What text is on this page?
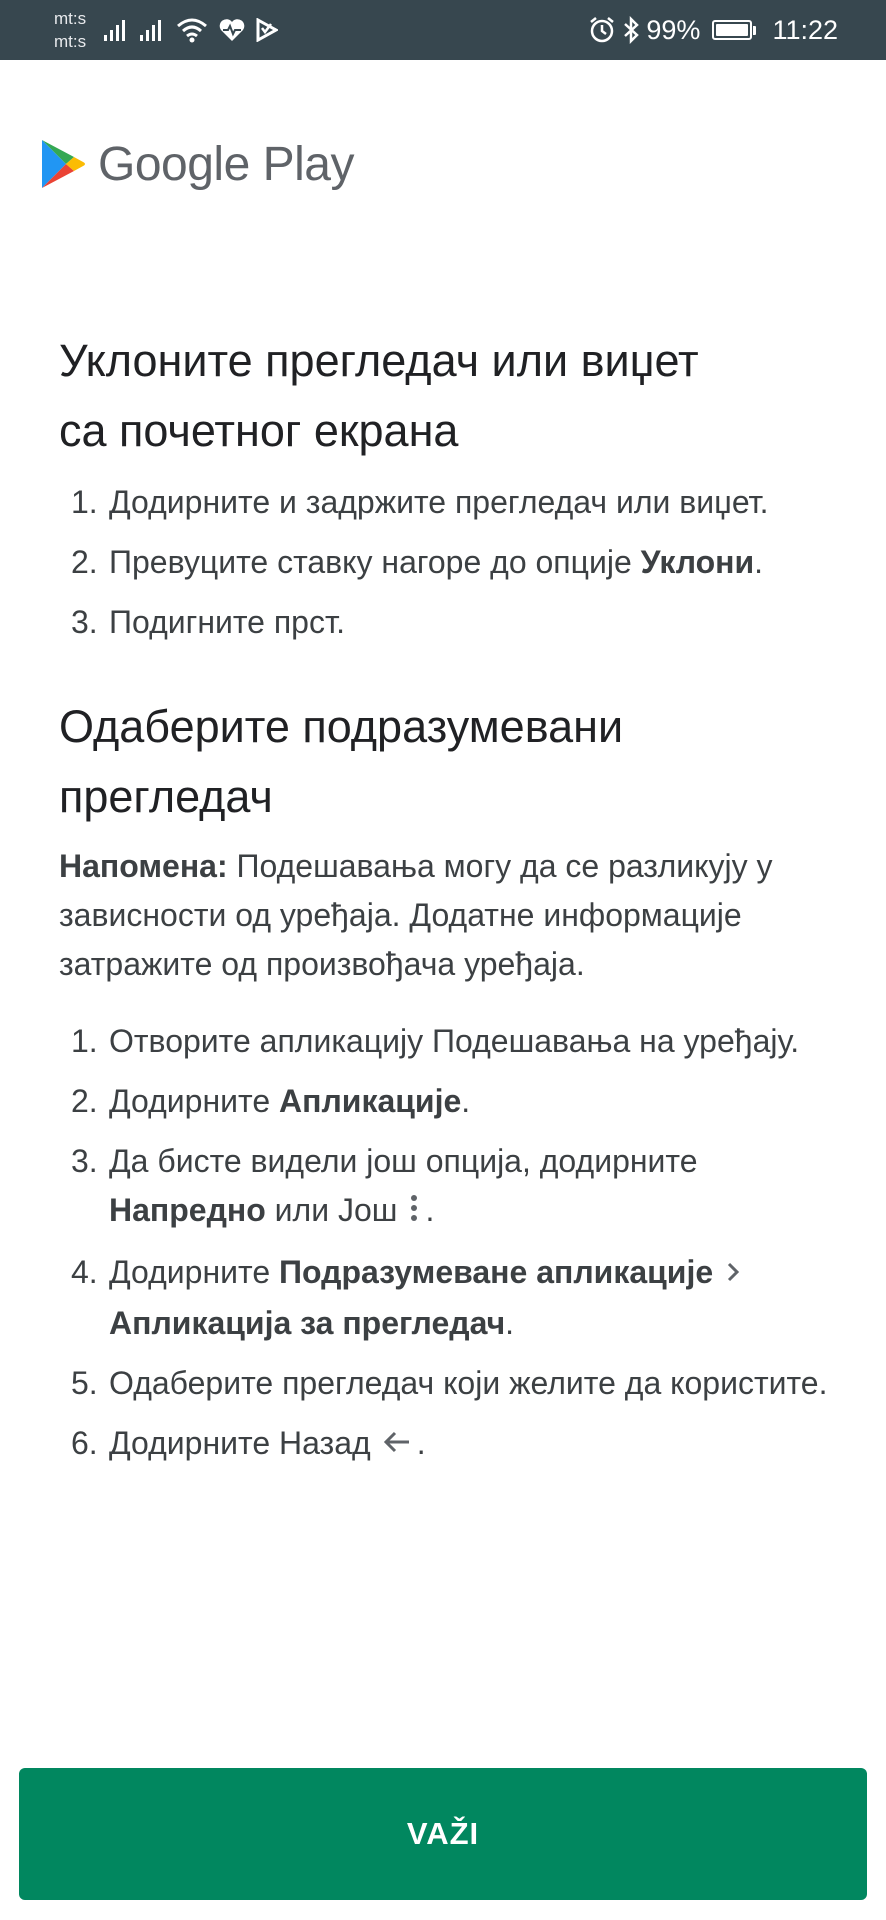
mt:s
mt:s	99%	11:22
Google Play
Уклоните прегледач или виџет
са почетног екрана
1. Додирните и задржите прегледач или виџет.
2. Превуците ставку нагоре до опције Уклони.
3. Подигните прст.
Одаберите подразумевани
прегледач
Напомена: Подешавања могу да се разликују у зависности од уређаја. Додатне информације затражите од произвођача уређаја.
1. Отворите апликацију Подешавања на уређају.
2. Додирните Апликације.
3. Да бисте видели још опција, додирните Напредно или Још .
4. Додирните Подразумеване апликацијеАпликација за прегледач.
5. Одаберите прегледач који желите да користите.
6. Додирните Назад .
VAŽI
